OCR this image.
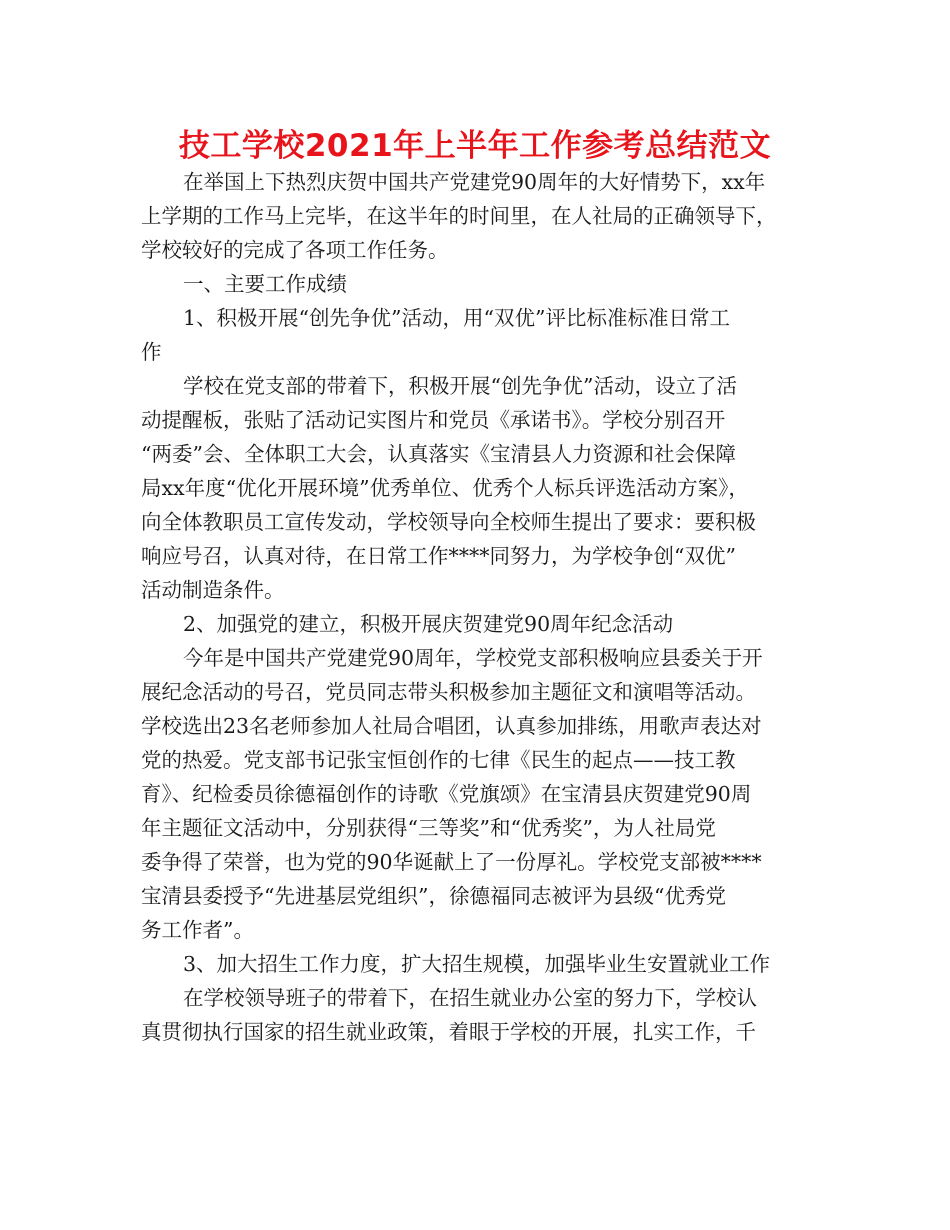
技工学校2021年上半年工作参考总结范文
在举国上下热烈庆贺中国共产党建党90周年的大好情势下，xx年
上学期的工作马上完毕，在这半年的时间里，在人社局的正确领导下，
学校较好的完成了各项工作任务。
一、主要工作成绩
1、积极开展“创先争优”活动，用“双优”评比标准标准日常工
作
学校在党支部的带着下，积极开展“创先争优”活动，设立了活
动提醒板，张贴了活动记实图片和党员《承诺书》。学校分别召开
“两委”会、全体职工大会，认真落实《宝清县人力资源和社会保障
局xx年度“优化开展环境”优秀单位、优秀个人标兵评选活动方案》，
向全体教职员工宣传发动，学校领导向全校师生提出了要求：要积极
响应号召，认真对待，在日常工作****同努力，为学校争创“双优”
活动制造条件。
2、加强党的建立，积极开展庆贺建党90周年纪念活动
今年是中国共产党建党90周年，学校党支部积极响应县委关于开
展纪念活动的号召，党员同志带头积极参加主题征文和演唱等活动。
学校选出23名老师参加人社局合唱团，认真参加排练，用歌声表达对
党的热爱。党支部书记张宝恒创作的七律《民生的起点——技工教
育》、纪检委员徐德福创作的诗歌《党旗颂》在宝清县庆贺建党90周
年主题征文活动中，分别获得“三等奖”和“优秀奖”，为人社局党
委争得了荣誉，也为党的90华诞献上了一份厚礼。学校党支部被****
宝清县委授予“先进基层党组织”，徐德福同志被评为县级“优秀党
务工作者”。
3、加大招生工作力度，扩大招生规模，加强毕业生安置就业工作
在学校领导班子的带着下，在招生就业办公室的努力下，学校认
真贯彻执行国家的招生就业政策，着眼于学校的开展，扎实工作，千
